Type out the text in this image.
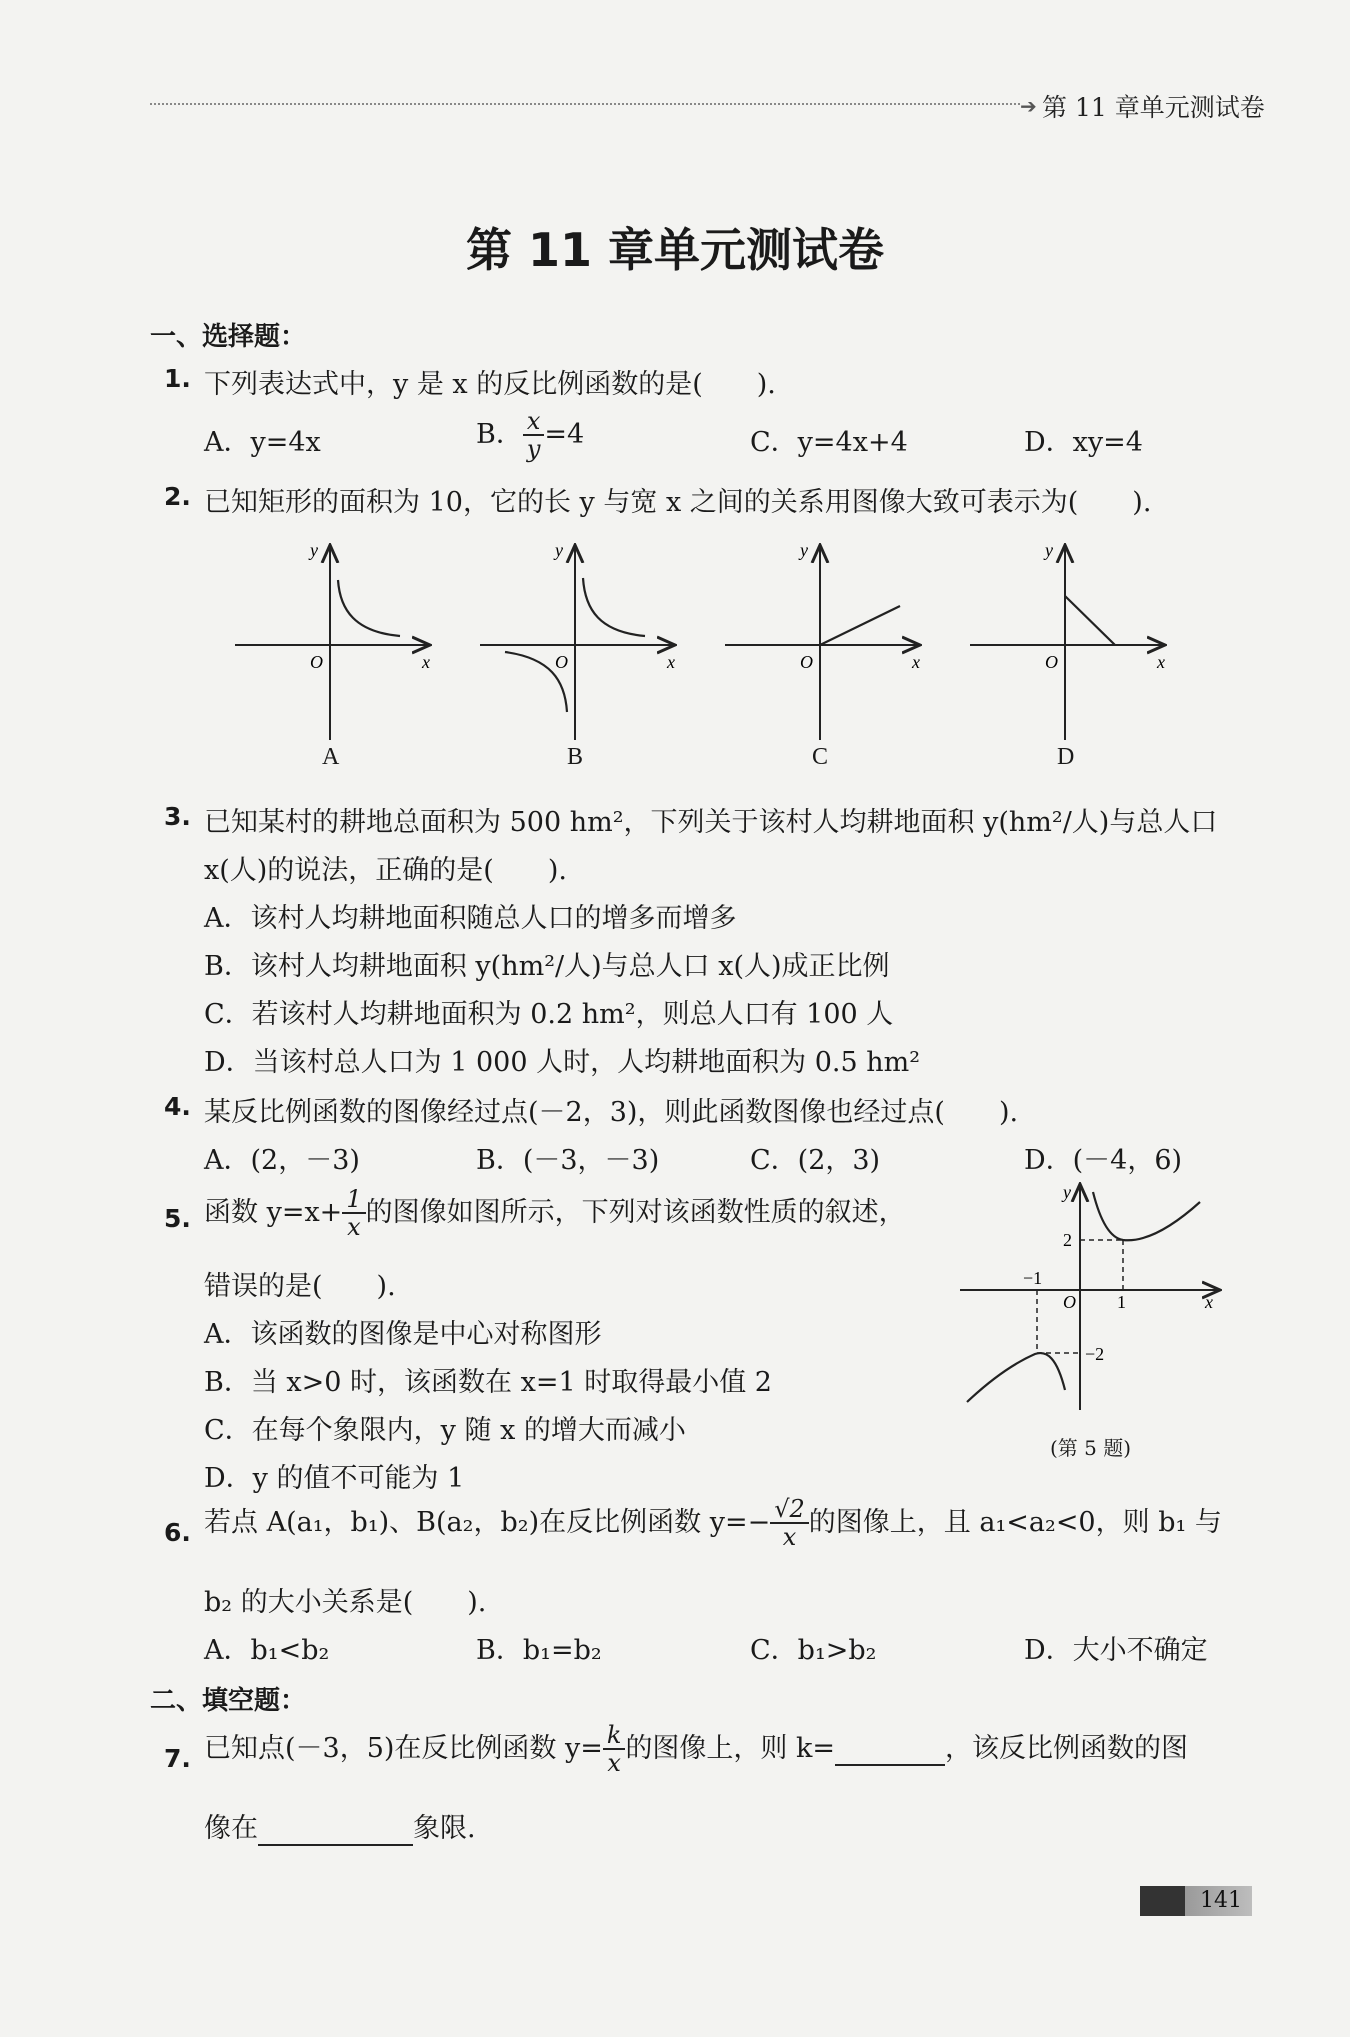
➔ 第 11 章单元测试卷
第 11 章单元测试卷
一、选择题：
1. 下列表达式中，y 是 x 的反比例函数的是(　　).
A．y=4x	B． $\frac{x}{y} =4$	C．y=4x+4	D．xy=4
2. 已知矩形的面积为 10，它的长 y 与宽 x 之间的关系用图像大致可表示为(　　).
O	x
y
O	x
y
O	x
y
O	x
y
A	B	C	D
3. 已知某村的耕地总面积为 500 hm²，下列关于该村人均耕地面积 y(hm²/人)与总人口
x(人)的说法，正确的是(　　).
A．该村人均耕地面积随总人口的增多而增多
B．该村人均耕地面积 y(hm²/人)与总人口 x(人)成正比例
C．若该村人均耕地面积为 0.2 hm²，则总人口有 100 人
D．当该村总人口为 1 000 人时，人均耕地面积为 0.5 hm²
4. 某反比例函数的图像经过点(－2，3)，则此函数图像也经过点(　　).
A．(2，－3)	B．(－3，－3)	C．(2，3)	D．(－4，6)
5. 函数 $y=x+ \frac{1}{x}$ 的图像如图所示，下列对该函数性质的叙述，
错误的是(　　).
A．该函数的图像是中心对称图形
B．当 x>0 时，该函数在 x=1 时取得最小值 2
C．在每个象限内，y 随 x 的增大而减小
D．y 的值不可能为 1
y
2
−1
O 1	x
−2
(第 5 题)
6. 若点 A(a₁，b₁)、B(a₂，b₂)在反比例函数 $y=- \frac{√2}{x}$ 的图像上，且 a₁<a₂<0，则 b₁ 与
b₂ 的大小关系是(　　).
A．b₁<b₂	B．b₁=b₂	C．b₁>b₂	D．大小不确定
二、填空题：
7. 已知点(－3，5)在反比例函数 $y= \frac{k}{x}$ 的图像上，则 k=	，该反比例函数的图
像在	象限.
141
